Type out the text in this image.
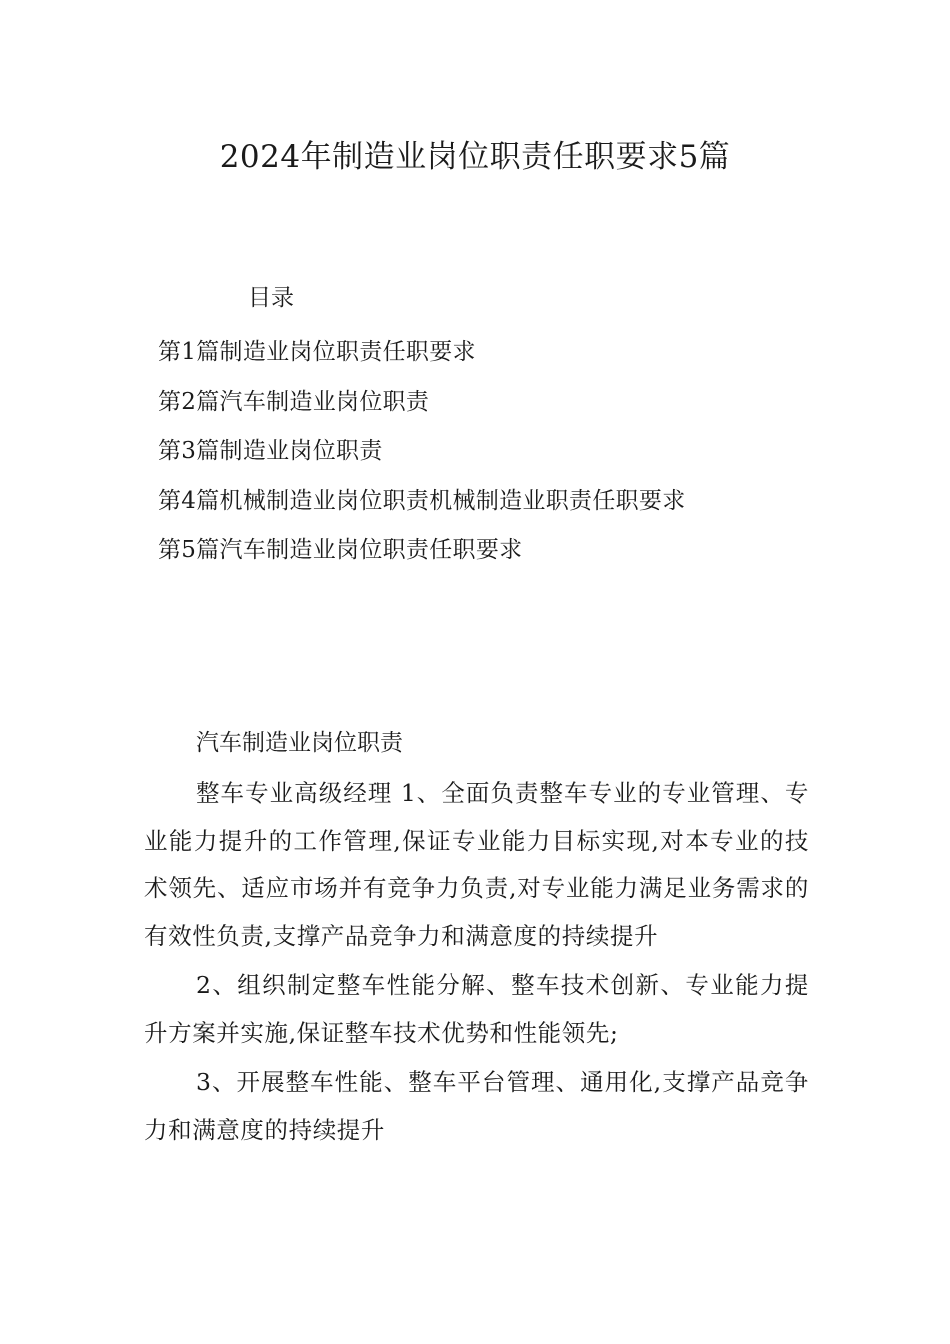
2024年制造业岗位职责任职要求5篇
目录
第1篇制造业岗位职责任职要求
第2篇汽车制造业岗位职责
第3篇制造业岗位职责
第4篇机械制造业岗位职责机械制造业职责任职要求
第5篇汽车制造业岗位职责任职要求
汽车制造业岗位职责

整车专业高级经理 1、全面负责整车专业的专业管理、专业能力提升的工作管理,保证专业能力目标实现,对本专业的技术领先、适应市场并有竞争力负责,对专业能力满足业务需求的有效性负责,支撑产品竞争力和满意度的持续提升

2、组织制定整车性能分解、整车技术创新、专业能力提升方案并实施,保证整车技术优势和性能领先;

3、开展整车性能、整车平台管理、通用化,支撑产品竞争力和满意度的持续提升
